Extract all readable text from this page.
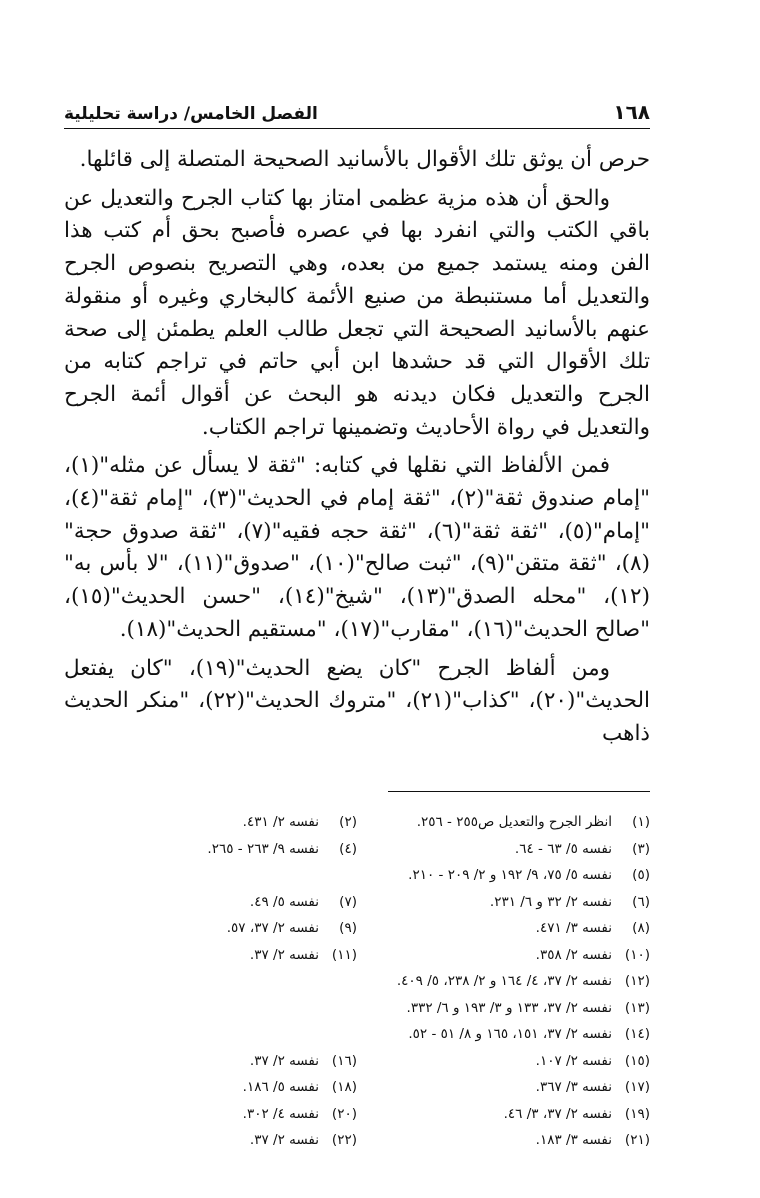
١٦٨
الفصل الخامس/ دراسة تحليلية

حرص أن يوثق تلك الأقوال بالأسانيد الصحيحة المتصلة إلى قائلها.

والحق أن هذه مزية عظمى امتاز بها كتاب الجرح والتعديل عن باقي الكتب والتي انفرد بها في عصره فأصبح بحق أم كتب هذا الفن ومنه يستمد جميع من بعده، وهي التصريح بنصوص الجرح والتعديل أما مستنبطة من صنيع الأئمة كالبخاري وغيره أو منقولة عنهم بالأسانيد الصحيحة التي تجعل طالب العلم يطمئن إلى صحة تلك الأقوال التي قد حشدها ابن أبي حاتم في تراجم كتابه من الجرح والتعديل فكان ديدنه هو البحث عن أقوال أئمة الجرح والتعديل في رواة الأحاديث وتضمينها تراجم الكتاب.

فمن الألفاظ التي نقلها في كتابه: "ثقة لا يسأل عن مثله"(١)، "إمام صندوق ثقة"(٢)، "ثقة إمام في الحديث"(٣)، "إمام ثقة"(٤)، "إمام"(٥)، "ثقة ثقة"(٦)، "ثقة حجه فقيه"(٧)، "ثقة صدوق حجة"(٨)، "ثقة متقن"(٩)، "ثبت صالح"(١٠)، "صدوق"(١١)، "لا بأس به"(١٢)، "محله الصدق"(١٣)، "شيخ"(١٤)، "حسن الحديث"(١٥)، "صالح الحديث"(١٦)، "مقارب"(١٧)، "مستقيم الحديث"(١٨).

ومن ألفاظ الجرح "كان يضع الحديث"(١٩)، "كان يفتعل الحديث"(٢٠)، "كذاب"(٢١)، "متروك الحديث"(٢٢)، "منكر الحديث ذاهب

(١)انظر الجرح والتعديل ص٢٥٥ - ٢٥٦.
(٢)نفسه ٢/ ٤٣١.
(٣)نفسه ٥/ ٦٣ - ٦٤.
(٤)نفسه ٩/ ٢٦٣ - ٢٦٥.
(٥)نفسه ٥/ ٧٥، ٩/ ١٩٢ و ٢/ ٢٠٩ - ٢١٠.
(٦)نفسه ٢/ ٣٢ و ٦/ ٢٣١.
(٧)نفسه ٥/ ٤٩.
(٨)نفسه ٣/ ٤٧١.
(٩)نفسه ٢/ ٣٧، ٥٧.
(١٠)نفسه ٢/ ٣٥٨.
(١١)نفسه ٢/ ٣٧.
(١٢)نفسه ٢/ ٣٧، ٤/ ١٦٤ و ٢/ ٢٣٨، ٥/ ٤٠٩.
(١٣)نفسه ٢/ ٣٧، ١٣٣ و ٣/ ١٩٣ و ٦/ ٣٣٢.
(١٤)نفسه ٢/ ٣٧، ١٥١، ١٦٥ و ٨/ ٥١ - ٥٢.
(١٥)نفسه ٢/ ١٠٧.
(١٦)نفسه ٢/ ٣٧.
(١٧)نفسه ٣/ ٣٦٧.
(١٨)نفسه ٥/ ١٨٦.
(١٩)نفسه ٢/ ٣٧، ٣/ ٤٦.
(٢٠)نفسه ٤/ ٣٠٢.
(٢١)نفسه ٣/ ١٨٣.
(٢٢)نفسه ٢/ ٣٧.
